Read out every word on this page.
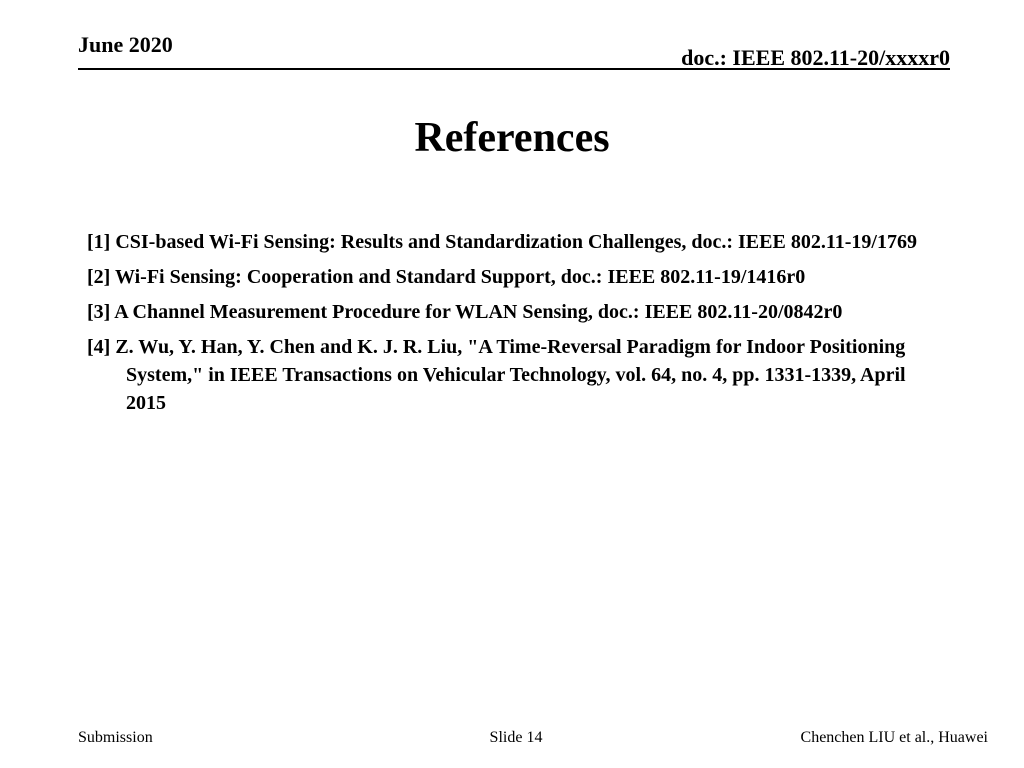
June 2020
doc.: IEEE 802.11-20/xxxxr0
References
[1] CSI-based Wi-Fi Sensing: Results and Standardization Challenges, doc.: IEEE 802.11-19/1769
[2] Wi-Fi Sensing: Cooperation and Standard Support, doc.: IEEE 802.11-19/1416r0
[3] A Channel Measurement Procedure for WLAN Sensing, doc.: IEEE 802.11-20/0842r0
[4] Z. Wu, Y. Han, Y. Chen and K. J. R. Liu, "A Time-Reversal Paradigm for Indoor Positioning System," in IEEE Transactions on Vehicular Technology, vol. 64, no. 4, pp. 1331-1339, April 2015
Submission	Slide 14	Chenchen LIU et al., Huawei
